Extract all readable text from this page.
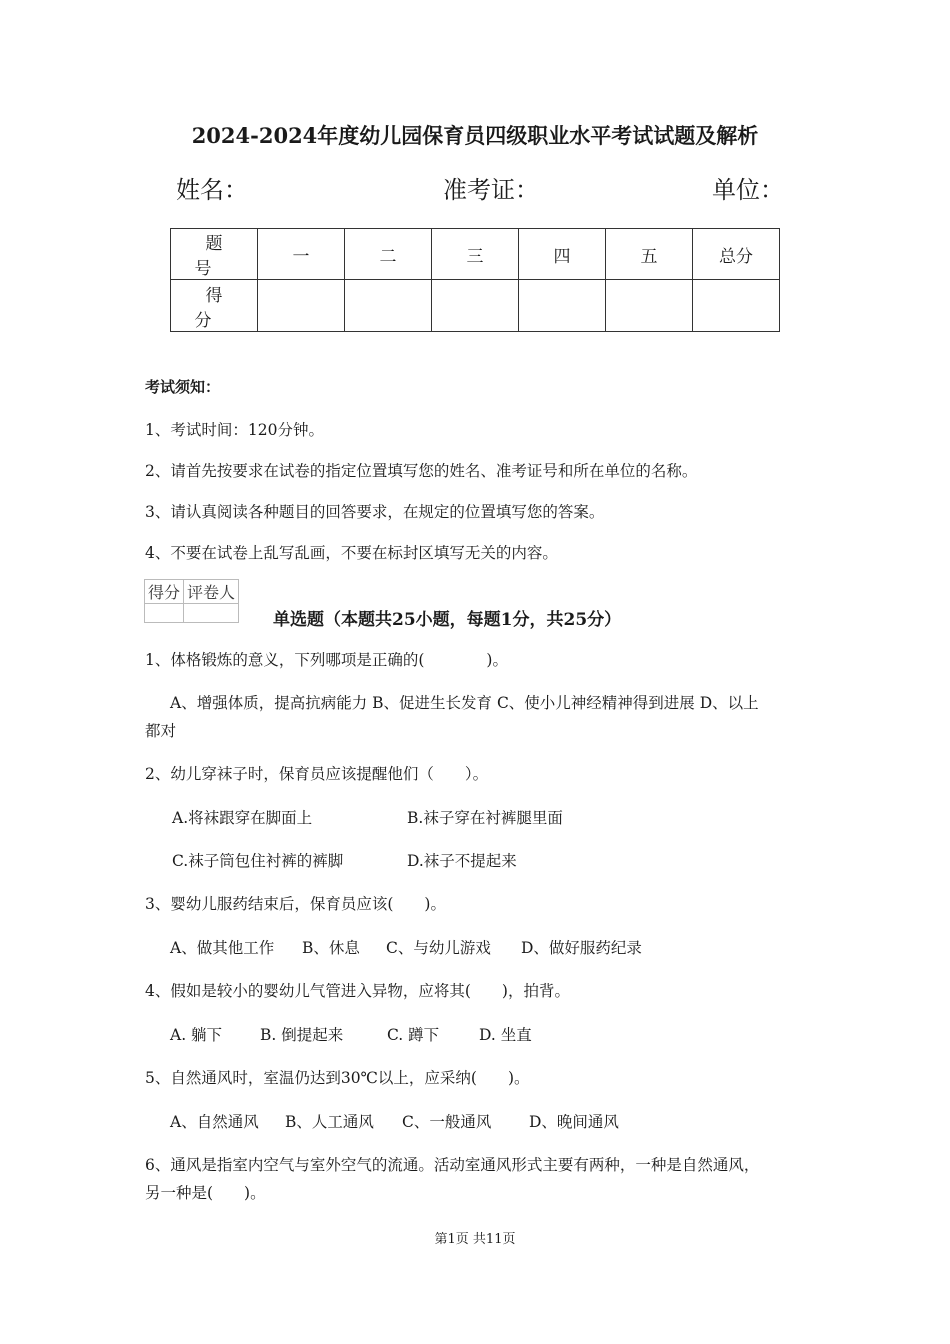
2024-2024年度幼儿园保育员四级职业水平考试试题及解析
姓名：	准考证：	单位：
题号	一	二	三	四	五	总分
得分						
考试须知：
1、考试时间：120分钟。
2、请首先按要求在试卷的指定位置填写您的姓名、准考证号和所在单位的名称。
3、请认真阅读各种题目的回答要求，在规定的位置填写您的答案。
4、不要在试卷上乱写乱画，不要在标封区填写无关的内容。
得分	评卷人

单选题（本题共25小题，每题1分，共25分）
1、体格锻炼的意义，下列哪项是正确的(　　　　)。
A、增强体质，提高抗病能力 B、促进生长发育 C、使小儿神经精神得到进展 D、以上
都对
2、幼儿穿袜子时，保育员应该提醒他们（　　）。
A.将袜跟穿在脚面上	B.袜子穿在衬裤腿里面
C.袜子筒包住衬裤的裤脚	D.袜子不提起来
3、婴幼儿服药结束后，保育员应该(　　)。
A、做其他工作 B、休息 C、与幼儿游戏 D、做好服药纪录
4、假如是较小的婴幼儿气管进入异物，应将其(　　)，拍背。
A. 躺下 B. 倒提起来	C. 蹲下	D. 坐直
5、自然通风时，室温仍达到30℃以上，应采纳(　　)。
A、自然通风 B、人工通风 C、一般通风 D、晚间通风
6、通风是指室内空气与室外空气的流通。活动室通风形式主要有两种，一种是自然通风，
另一种是(　　)。
第1页 共11页
